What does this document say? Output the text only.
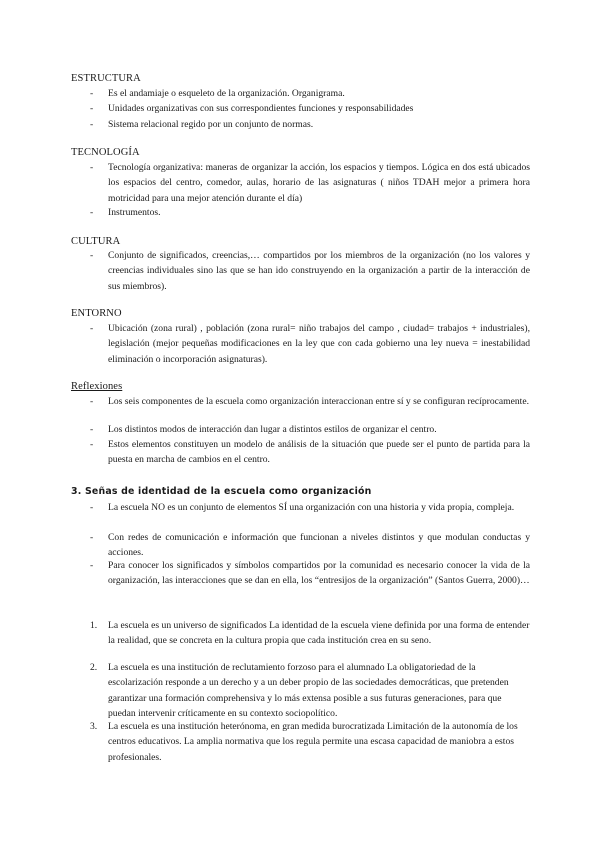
ESTRUCTURA
- Es el andamiaje o esqueleto de la organización. Organigrama.
- Unidades organizativas con sus correspondientes funciones y responsabilidades
- Sistema relacional regido por un conjunto de normas.
TECNOLOGÍA
- Tecnología organizativa: maneras de organizar la acción, los espacios y tiempos. Lógica en dos está ubicados los espacios del centro, comedor, aulas, horario de las asignaturas ( niños TDAH mejor a primera hora motricidad para una mejor atención durante el día)
- Instrumentos.
CULTURA
- Conjunto de significados, creencias,… compartidos por los miembros de la organización (no los valores y creencias individuales sino las que se han ido construyendo en la organización a partir de la interacción de sus miembros).
ENTORNO
- Ubicación (zona rural) , población (zona rural= niño trabajos del campo , ciudad= trabajos + industriales), legislación (mejor pequeñas modificaciones en la ley que con cada gobierno una ley nueva = inestabilidad eliminación o incorporación asignaturas).
Reflexiones
- Los seis componentes de la escuela como organización interaccionan entre sí y se configuran recíprocamente.
- Los distintos modos de interacción dan lugar a distintos estilos de organizar el centro.
- Estos elementos constituyen un modelo de análisis de la situación que puede ser el punto de partida para la puesta en marcha de cambios en el centro.
3. Señas de identidad de la escuela como organización
- La escuela NO es un conjunto de elementos SÍ una organización con una historia y vida propia, compleja.
- Con redes de comunicación e información que funcionan a niveles distintos y que modulan conductas y acciones.
- Para conocer los significados y símbolos compartidos por la comunidad es necesario conocer la vida de la organización, las interacciones que se dan en ella, los “entresijos de la organización” (Santos Guerra, 2000)…
1. La escuela es un universo de significados La identidad de la escuela viene definida por una forma de entender la realidad, que se concreta en la cultura propia que cada institución crea en su seno.
2. La escuela es una institución de reclutamiento forzoso para el alumnado La obligatoriedad de la escolarización responde a un derecho y a un deber propio de las sociedades democráticas, que pretenden garantizar una formación comprehensiva y lo más extensa posible a sus futuras generaciones, para que puedan intervenir críticamente en su contexto sociopolítico.
3. La escuela es una institución heterónoma, en gran medida burocratizada Limitación de la autonomía de los centros educativos. La amplia normativa que los regula permite una escasa capacidad de maniobra a estos profesionales.
